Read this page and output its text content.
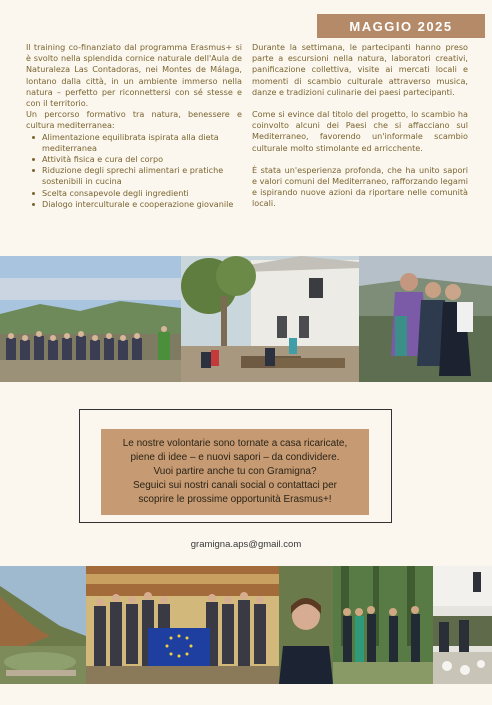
MAGGIO 2025

Il training co-finanziato dal programma Erasmus+ si è svolto nella splendida cornice naturale dell'Aula de Naturaleza Las Contadoras, nei Montes de Málaga, lontano dalla città, in un ambiente immerso nella natura – perfetto per riconnettersi con sé stesse e con il territorio.

Un percorso formativo tra natura, benessere e cultura mediterranea:

Alimentazione equilibrata ispirata alla dieta mediterranea
Attività fisica e cura del corpo
Riduzione degli sprechi alimentari e pratiche sostenibili in cucina
Scelta consapevole degli ingredienti
Dialogo interculturale e cooperazione giovanile

Durante la settimana, le partecipanti hanno preso parte a escursioni nella natura, laboratori creativi, panificazione collettiva, visite ai mercati locali e momenti di scambio culturale attraverso musica, danze e tradizioni culinarie dei paesi partecipanti.

Come si evince dal titolo del progetto, lo scambio ha coinvolto alcuni dei Paesi che si affacciano sul Mediterraneo, favorendo un'informale scambio culturale molto stimolante ed arricchente.

È stata un'esperienza profonda, che ha unito sapori e valori comuni del Mediterraneo, rafforzando legami e ispirando nuove azioni da riportare nelle comunità locali.

Le nostre volontarie sono tornate a casa ricaricate,
piene di idee – e nuovi sapori – da condividere.
Vuoi partire anche tu con Gramigna?
Seguici sui nostri canali social o contattaci per
scoprire le prossime opportunità Erasmus+!
gramigna.aps@gmail.com
